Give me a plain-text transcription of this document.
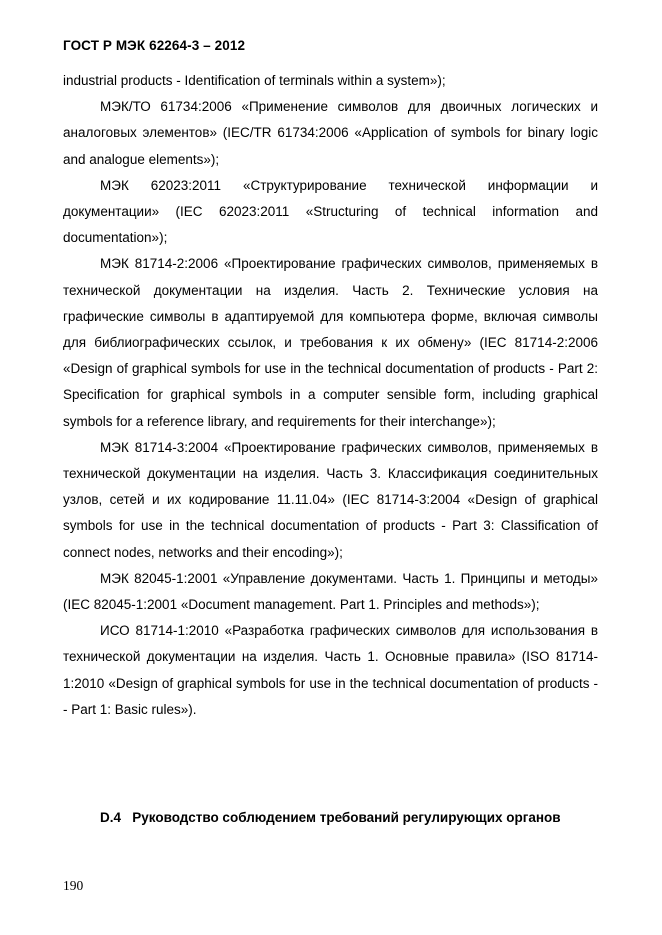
ГОСТ Р МЭК 62264-3 – 2012

industrial products - Identification of terminals within a system»);

МЭК/ТО 61734:2006 «Применение символов для двоичных логических и аналоговых элементов» (IEC/TR 61734:2006 «Application of symbols for binary logic and analogue elements»);

МЭК 62023:2011 «Структурирование технической информации и документации» (IEC 62023:2011 «Structuring of technical information and documentation»);

МЭК 81714-2:2006 «Проектирование графических символов, применяемых в технической документации на изделия. Часть 2. Технические условия на графические символы в адаптируемой для компьютера форме, включая символы для библиографических ссылок, и требования к их обмену» (IEC 81714-2:2006 «Design of graphical symbols for use in the technical documentation of products - Part 2: Specification for graphical symbols in a computer sensible form, including graphical symbols for a reference library, and requirements for their interchange»);

МЭК 81714-3:2004 «Проектирование графических символов, применяемых в технической документации на изделия. Часть 3. Классификация соединительных узлов, сетей и их кодирование 11.11.04» (IEC 81714-3:2004 «Design of graphical symbols for use in the technical documentation of products - Part 3: Classification of connect nodes, networks and their encoding»);

МЭК 82045-1:2001 «Управление документами. Часть 1. Принципы и методы» (IEC 82045-1:2001 «Document management. Part 1. Principles and methods»);

ИСО 81714-1:2010 «Разработка графических символов для использования в технической документации на изделия. Часть 1. Основные правила» (ISO 81714-1:2010 «Design of graphical symbols for use in the technical documentation of products -- Part 1: Basic rules»).

D.4 Руководство соблюдением требований регулирующих органов

190
